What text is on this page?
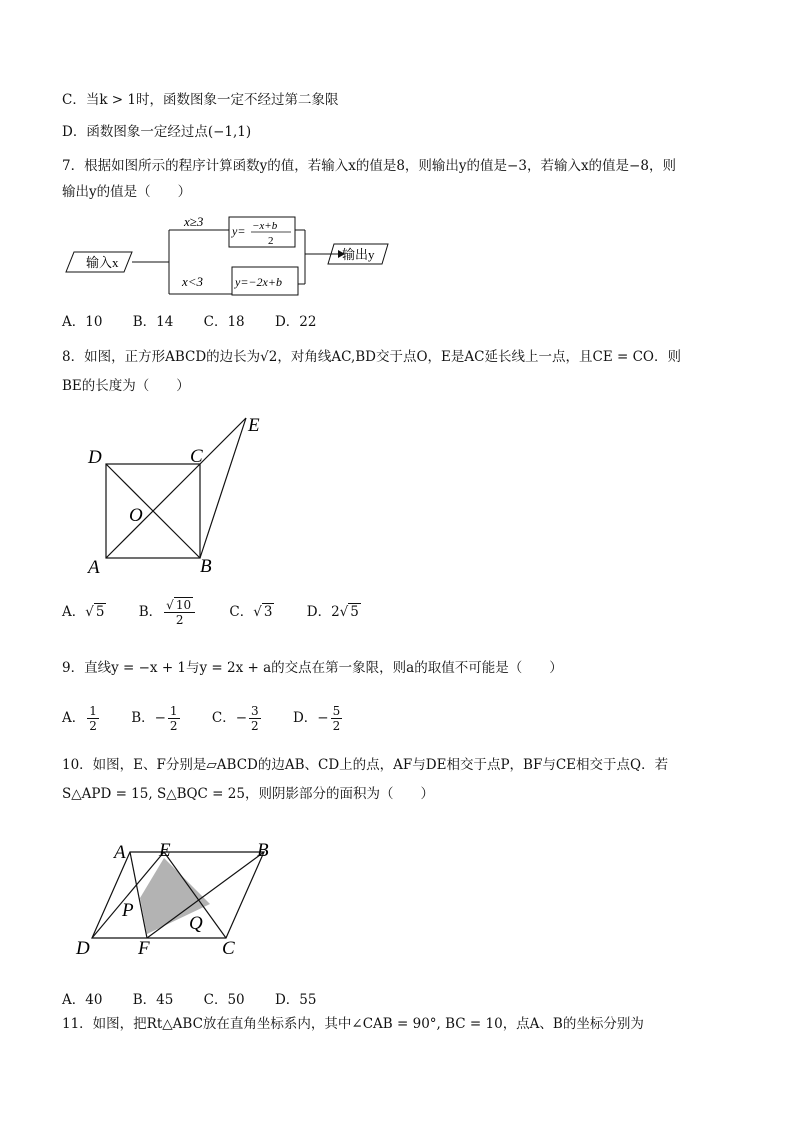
C．当k > 1时，函数图象一定不经过第二象限
D．函数图象一定经过点(−1,1)
7．根据如图所示的程序计算函数y的值，若输入x的值是8，则输出y的值是−3，若输入x的值是−8，则
输出y的值是（　　）
输入x
x≥3
x<3
y= −x+b
2
y=−2x+b
输出y
A．10 B．14 C．18 D．22
8．如图，正方形ABCD的边长为√2，对角线AC,BD交于点O，E是AC延长线上一点，且CE = CO．则
BE的长度为（　　）
D	C
E
O
A	B
A．√ 5	B． $\frac{√ 10}{2}$	C．√ 3	D．2√ 5
9．直线y = −x + 1与y = 2x + a的交点在第一象限，则a的取值不可能是（　　）
A． $\frac{1}{2}$ B．− $\frac{1}{2}$ C．− $\frac{3}{2}$ D．− $\frac{5}{2}$
10．如图，E、F分别是▱ABCD的边AB、CD上的点，AF与DE相交于点P，BF与CE相交于点Q．若
S△APD = 15, S△BQC = 25，则阴影部分的面积为（　　）
A E	B
P
Q
D	F	C
A．40 B．45 C．50 D．55
11．如图，把Rt△ABC放在直角坐标系内，其中∠CAB = 90°, BC = 10，点A、B的坐标分别为
